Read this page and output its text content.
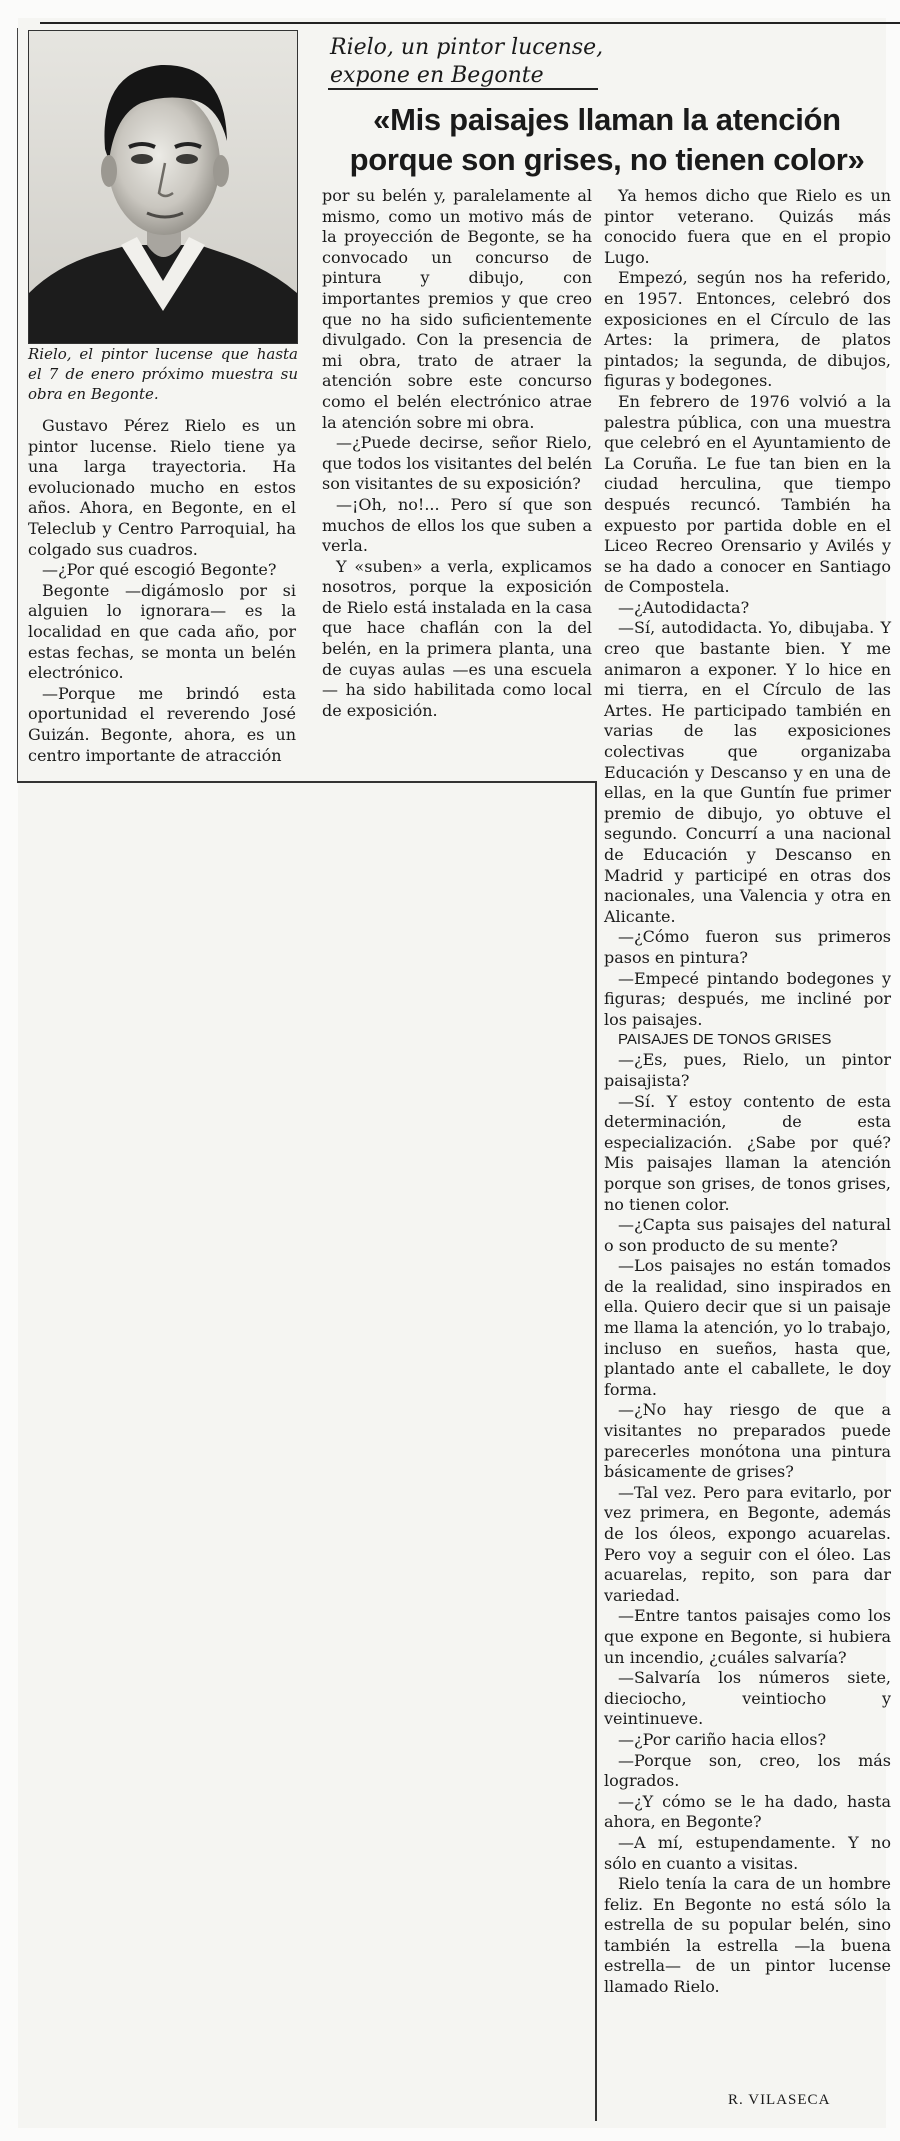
Rielo, el pintor lucense que hasta el 7 de enero próximo muestra su obra en Begonte.
Rielo, un pintor lucense, expone en Begonte
«Mis paisajes llaman la atención porque son grises, no tienen color»

Gustavo Pérez Rielo es un pintor lucense. Rielo tiene ya una larga trayectoria. Ha evolucionado mucho en estos años. Ahora, en Begonte, en el Teleclub y Centro Parroquial, ha colgado sus cuadros.

—¿Por qué escogió Begonte?

Begonte —digámoslo por si alguien lo ignorara— es la localidad en que cada año, por estas fechas, se monta un belén electrónico.

—Porque me brindó esta oportunidad el reverendo José Guizán. Begonte, ahora, es un centro importante de atracción

por su belén y, paralelamente al mismo, como un motivo más de la proyección de Begonte, se ha convocado un concurso de pintura y dibujo, con importantes premios y que creo que no ha sido suficientemente divulgado. Con la presencia de mi obra, trato de atraer la atención sobre este concurso como el belén electrónico atrae la atención sobre mi obra.

—¿Puede decirse, señor Rielo, que todos los visitantes del belén son visitantes de su exposición?

—¡Oh, no!... Pero sí que son muchos de ellos los que suben a verla.

Y «suben» a verla, explicamos nosotros, porque la exposición de Rielo está instalada en la casa que hace chaflán con la del belén, en la primera planta, una de cuyas aulas —es una escuela— ha sido habilitada como local de exposición.

Ya hemos dicho que Rielo es un pintor veterano. Quizás más conocido fuera que en el propio Lugo.

Empezó, según nos ha referido, en 1957. Entonces, celebró dos exposiciones en el Círculo de las Artes: la primera, de platos pintados; la segunda, de dibujos, figuras y bodegones.

En febrero de 1976 volvió a la palestra pública, con una muestra que celebró en el Ayuntamiento de La Coruña. Le fue tan bien en la ciudad herculina, que tiempo después recuncó. También ha expuesto por partida doble en el Liceo Recreo Orensario y Avilés y se ha dado a conocer en Santiago de Compostela.

—¿Autodidacta?

—Sí, autodidacta. Yo, dibujaba. Y creo que bastante bien. Y me animaron a exponer. Y lo hice en mi tierra, en el Círculo de las Artes. He participado también en varias de las exposiciones colectivas que organizaba Educación y Descanso y en una de ellas, en la que Guntín fue primer premio de dibujo, yo obtuve el segundo. Concurrí a una nacional de Educación y Descanso en Madrid y participé en otras dos nacionales, una Valencia y otra en Alicante.

—¿Cómo fueron sus primeros pasos en pintura?

—Empecé pintando bodegones y figuras; después, me incliné por los paisajes.

PAISAJES DE TONOS GRISES

—¿Es, pues, Rielo, un pintor paisajista?

—Sí. Y estoy contento de esta determinación, de esta especialización. ¿Sabe por qué? Mis paisajes llaman la atención porque son grises, de tonos grises, no tienen color.

—¿Capta sus paisajes del natural o son producto de su mente?

—Los paisajes no están tomados de la realidad, sino inspirados en ella. Quiero decir que si un paisaje me llama la atención, yo lo trabajo, incluso en sueños, hasta que, plantado ante el caballete, le doy forma.

—¿No hay riesgo de que a visitantes no preparados puede parecerles monótona una pintura básicamente de grises?

—Tal vez. Pero para evitarlo, por vez primera, en Begonte, además de los óleos, expongo acuarelas. Pero voy a seguir con el óleo. Las acuarelas, repito, son para dar variedad.

—Entre tantos paisajes como los que expone en Begonte, si hubiera un incendio, ¿cuáles salvaría?

—Salvaría los números siete, dieciocho, veintiocho y veintinueve.

—¿Por cariño hacia ellos?

—Porque son, creo, los más logrados.

—¿Y cómo se le ha dado, hasta ahora, en Begonte?

—A mí, estupendamente. Y no sólo en cuanto a visitas.

Rielo tenía la cara de un hombre feliz. En Begonte no está sólo la estrella de su popular belén, sino también la estrella —la buena estrella— de un pintor lucense llamado Rielo.

R. VILASECA
